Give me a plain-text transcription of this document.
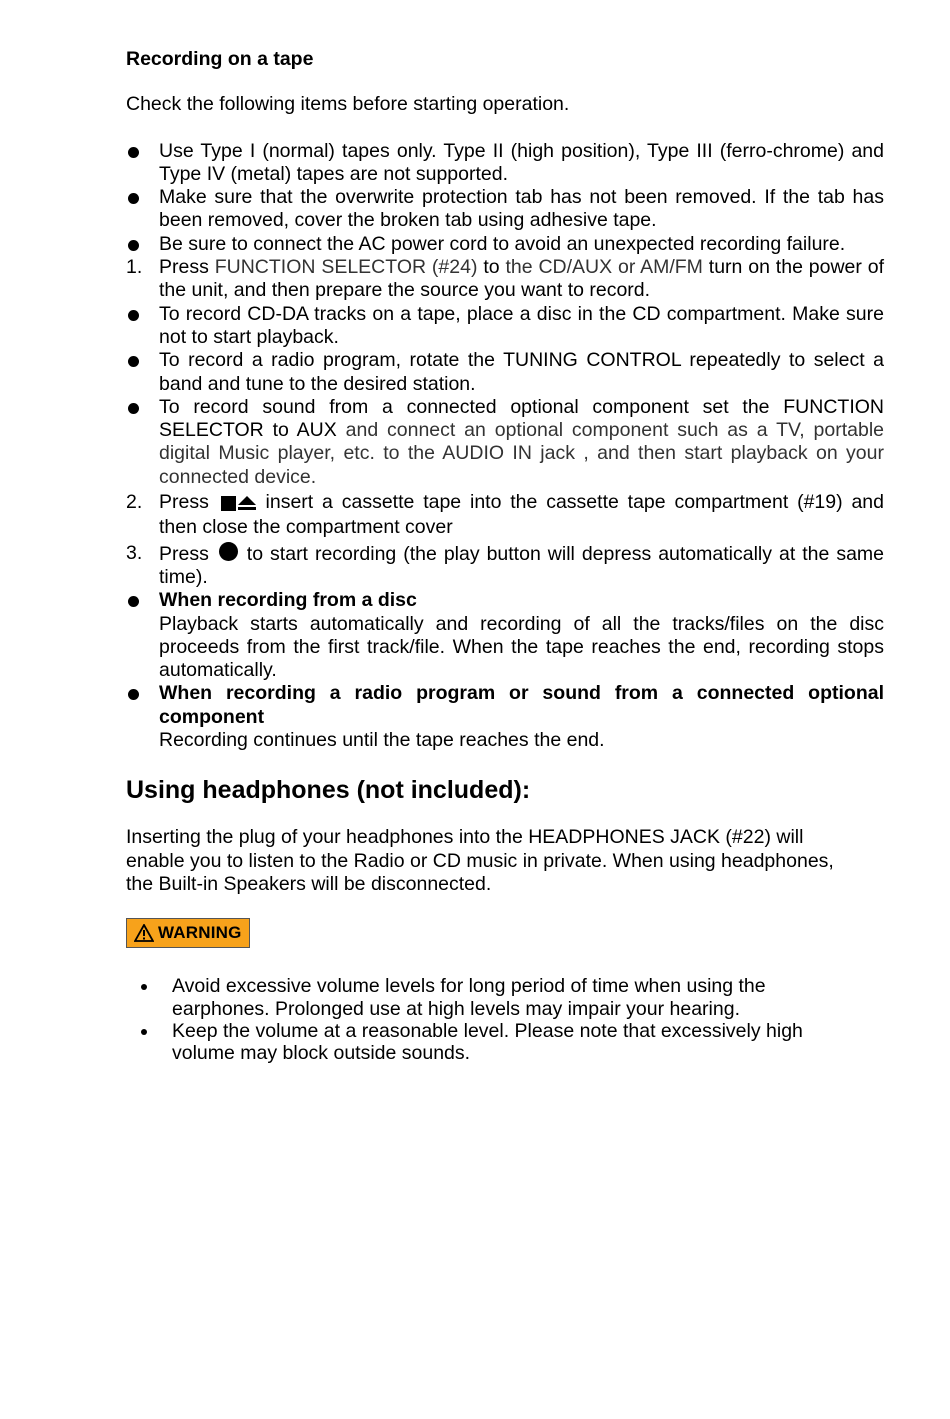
Recording on a tape

Check the following items before starting operation.

Use Type I (normal) tapes only. Type II (high position), Type III (ferro-chrome) and Type IV (metal) tapes are not supported.
Make sure that the overwrite protection tab has not been removed. If the tab has been removed, cover the broken tab using adhesive tape.
Be sure to connect the AC power cord to avoid an unexpected recording failure.
1. Press FUNCTION SELECTOR (#24) to the CD/AUX or AM/FM turn on the power of the unit, and then prepare the source you want to record.
To record CD-DA tracks on a tape, place a disc in the CD compartment. Make sure not to start playback.
To record a radio program, rotate the TUNING CONTROL repeatedly to select a band and tune to the desired station.
To record sound from a connected optional component set the FUNCTION SELECTOR to AUX and connect an optional component such as a TV, portable digital Music player, etc. to the AUDIO IN jack , and then start playback on your connected device.
2. Press  insert a cassette tape into the cassette tape compartment (#19) and then close the compartment cover
3. Press  to start recording (the play button will depress automatically at the same time).
When recording from a disc
Playback starts automatically and recording of all the tracks/files on the disc proceeds from the first track/file. When the tape reaches the end, recording stops automatically.
When recording a radio program or sound from a connected optional component
Recording continues until the tape reaches the end.
Using headphones (not included):

Inserting the plug of your headphones into the HEADPHONES JACK (#22) will enable you to listen to the Radio or CD music in private. When using headphones, the Built-in Speakers will be disconnected.

WARNING
Avoid excessive volume levels for long period of time when using the earphones. Prolonged use at high levels may impair your hearing.
Keep the volume at a reasonable level. Please note that excessively high volume may block outside sounds.
